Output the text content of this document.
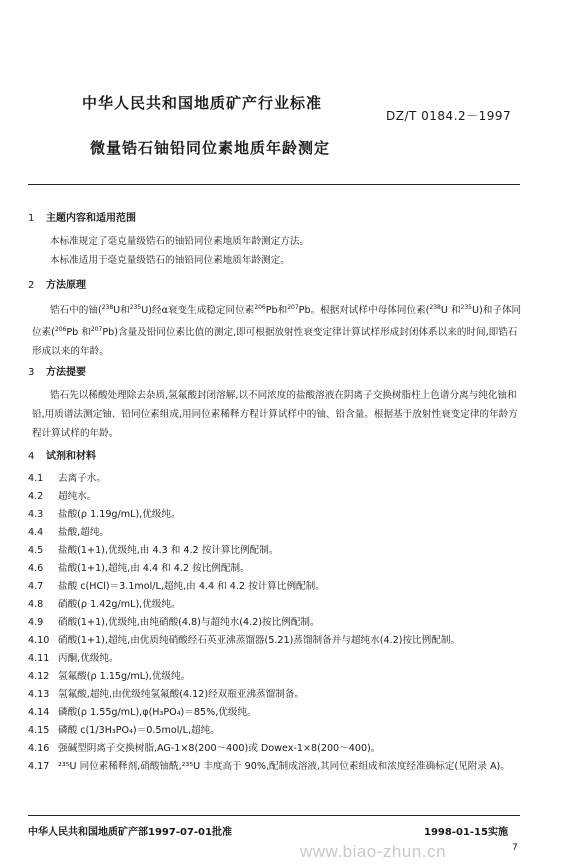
中华人民共和国地质矿产行业标准
DZ/T 0184.2－1997
微量锆石铀铅同位素地质年龄测定
1 主题内容和适用范围
本标准规定了毫克量级锆石的铀铅同位素地质年龄测定方法。
本标准适用于毫克量级锆石的铀铅同位素地质年龄测定。
2 方法原理
锆石中的铀($^{238}$U和$^{235}$U)经α衰变生成稳定同位素$^{206}$Pb和$^{207}$Pb。根据对试样中母体同位素($^{238}$U 和$^{235}$U)和子体同位素($^{206}$Pb 和$^{207}$Pb)含量及铅同位素比值的测定,即可根据放射性衰变定律计算试样形成封闭体系以来的时间,即锆石形成以来的年龄。
3 方法提要
锆石先以稀酸处理除去杂质,氢氟酸封闭溶解,以不同浓度的盐酸溶液在阴离子交换树脂柱上色谱分离与纯化铀和铅,用质谱法测定铀、铅同位素组成,用同位素稀释方程计算试样中的铀、铅含量。根据基于放射性衰变定律的年龄方程计算试样的年龄。
4 试剂和材料
4.1 去离子水。
4.2 超纯水。
4.3 盐酸(ρ 1.19g/mL),优级纯。
4.4 盐酸,超纯。
4.5 盐酸(1+1),优级纯,由 4.3 和 4.2 按计算比例配制。
4.6 盐酸(1+1),超纯,由 4.4 和 4.2 按比例配制。
4.7 盐酸 c(HCl)＝3.1mol/L,超纯,由 4.4 和 4.2 按计算比例配制。
4.8 硝酸(ρ 1.42g/mL),优级纯。
4.9 硝酸(1+1),优级纯,由纯硝酸(4.8)与超纯水(4.2)按比例配制。
4.10 硝酸(1+1),超纯,由优质纯硝酸经石英亚沸蒸馏器(5.21)蒸馏制备并与超纯水(4.2)按比例配制。
4.11 丙酮,优级纯。
4.12 氢氟酸(ρ 1.15g/mL),优级纯。
4.13 氢氟酸,超纯,由优级纯氢氟酸(4.12)经双瓶亚沸蒸馏制备。
4.14 磷酸(ρ 1.55g/mL),φ(H₃PO₄)＝85%,优级纯。
4.15 磷酸 c(1/3H₃PO₄)＝0.5mol/L,超纯。
4.16 强碱型阴离子交换树脂,AG-1×8(200～400)或 Dowex-1×8(200～400)。
4.17 ²³⁵U 同位素稀释剂,硝酸铀酰,²³⁵U 丰度高于 90%,配制成溶液,其同位素组成和浓度经准确标定(见附录 A)。
中华人民共和国地质矿产部1997-07-01批准	1998-01-15实施
7
www.biao-zhun.cn
